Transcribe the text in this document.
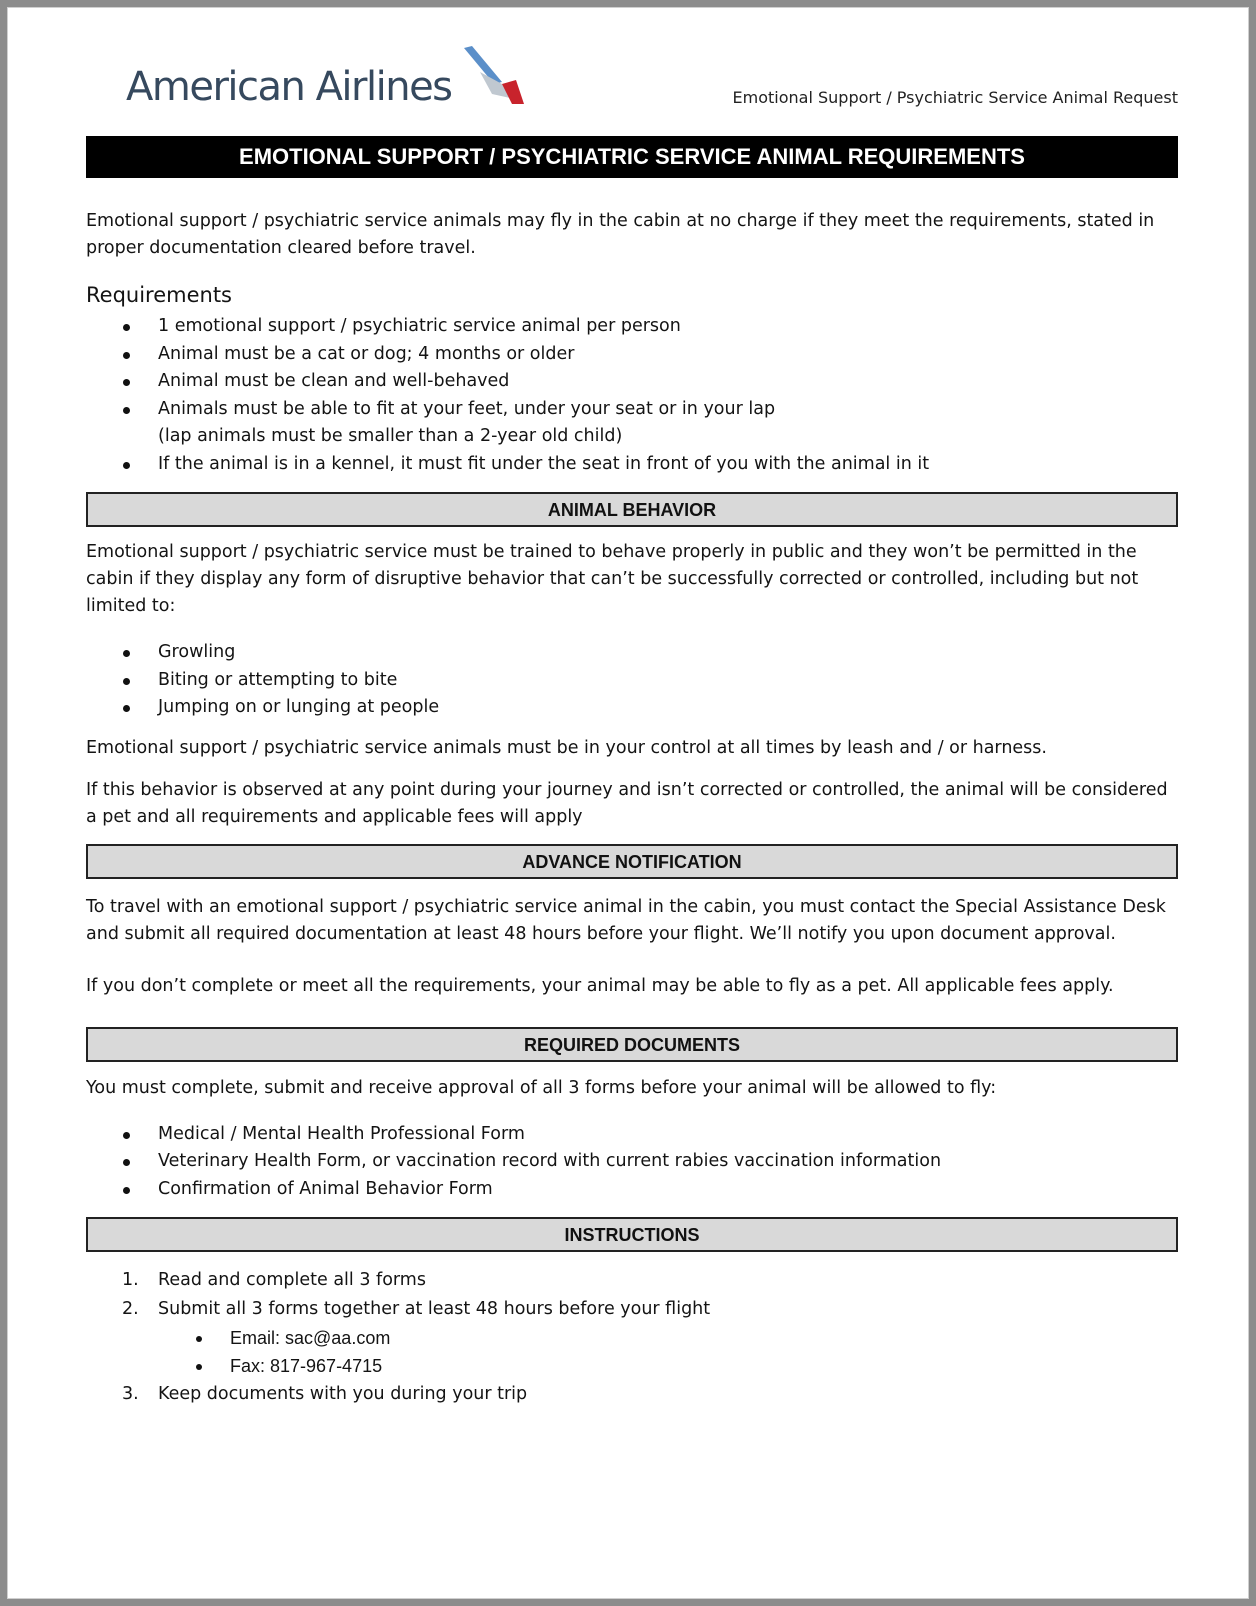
American Airlines	Emotional Support / Psychiatric Service Animal Request
EMOTIONAL SUPPORT / PSYCHIATRIC SERVICE ANIMAL REQUIREMENTS

Emotional support / psychiatric service animals may fly in the cabin at no charge if they meet the requirements, stated in proper documentation cleared before travel.

Requirements
1 emotional support / psychiatric service animal per person
Animal must be a cat or dog; 4 months or older
Animal must be clean and well-behaved
Animals must be able to fit at your feet, under your seat or in your lap
(lap animals must be smaller than a 2-year old child)
If the animal is in a kennel, it must fit under the seat in front of you with the animal in it
ANIMAL BEHAVIOR

Emotional support / psychiatric service must be trained to behave properly in public and they won’t be permitted in the cabin if they display any form of disruptive behavior that can’t be successfully corrected or controlled, including but not limited to:

Growling
Biting or attempting to bite
Jumping on or lunging at people

Emotional support / psychiatric service animals must be in your control at all times by leash and / or harness.

If this behavior is observed at any point during your journey and isn’t corrected or controlled, the animal will be considered a pet and all requirements and applicable fees will apply

ADVANCE NOTIFICATION

To travel with an emotional support / psychiatric service animal in the cabin, you must contact the Special Assistance Desk and submit all required documentation at least 48 hours before your flight. We’ll notify you upon document approval.

If you don’t complete or meet all the requirements, your animal may be able to fly as a pet. All applicable fees apply.

REQUIRED DOCUMENTS

You must complete, submit and receive approval of all 3 forms before your animal will be allowed to fly:

Medical / Mental Health Professional Form
Veterinary Health Form, or vaccination record with current rabies vaccination information
Confirmation of Animal Behavior Form
INSTRUCTIONS
1. Read and complete all 3 forms
2. Submit all 3 forms together at least 48 hours before your flight
Email: sac@aa.com
Fax: 817-967-4715
3. Keep documents with you during your trip
